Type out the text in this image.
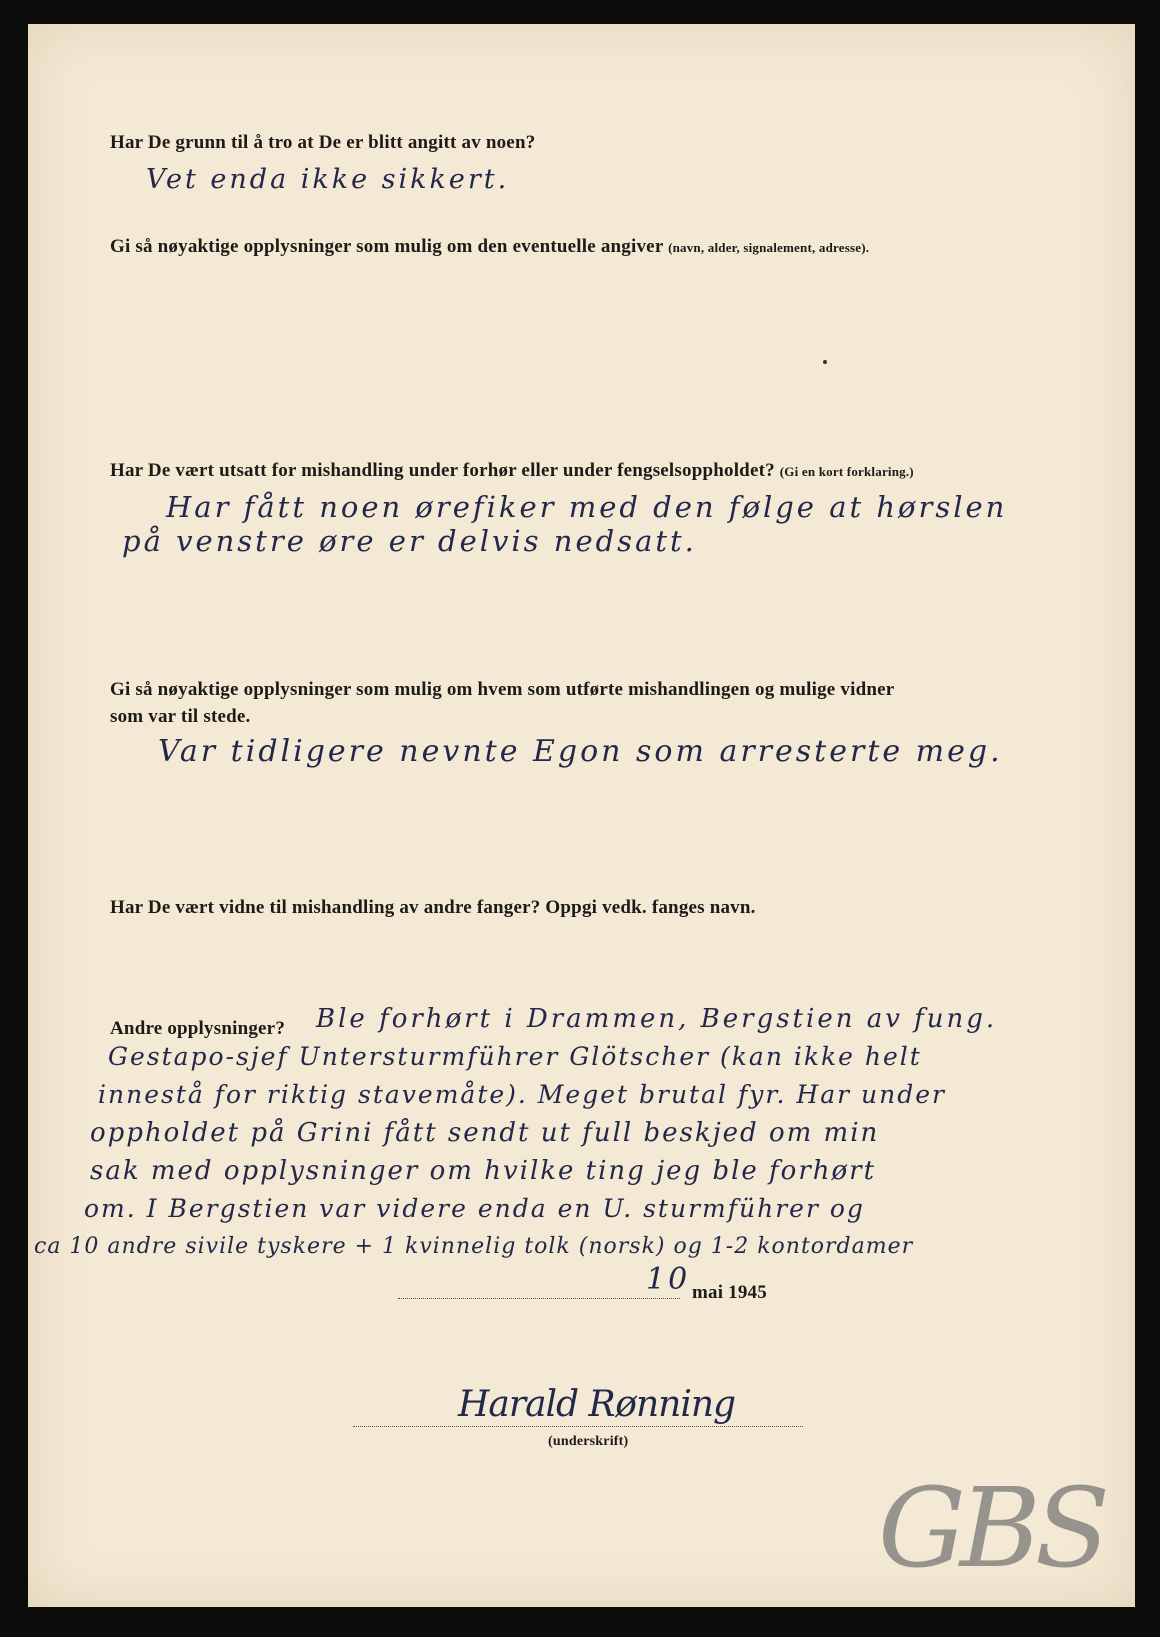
Har De grunn til å tro at De er blitt angitt av noen?
Vet enda ikke sikkert.
Gi så nøyaktige opplysninger som mulig om den eventuelle angiver (navn, alder, signalement, adresse).
Har De vært utsatt for mishandling under forhør eller under fengselsoppholdet? (Gi en kort forklaring.)
Har fått noen ørefiker med den følge at hørslen
på venstre øre er delvis nedsatt.
Gi så nøyaktige opplysninger som mulig om hvem som utførte mishandlingen og mulige vidner
som var til stede.
Var tidligere nevnte Egon som arresterte meg.
Har De vært vidne til mishandling av andre fanger? Oppgi vedk. fanges navn.
Andre opplysninger? Ble forhørt i Drammen, Bergstien av fung.
Gestapo-sjef Untersturmführer Glötscher (kan ikke helt
innestå for riktig stavemåte). Meget brutal fyr. Har under
oppholdet på Grini fått sendt ut full beskjed om min
sak med opplysninger om hvilke ting jeg ble forhørt
om. I Bergstien var videre enda en U. sturmführer og
ca 10 andre sivile tyskere + 1 kvinnelig tolk (norsk) og 1-2 kontordamer
10 mai 1945
Harald Rønning
(underskrift)
GBS
